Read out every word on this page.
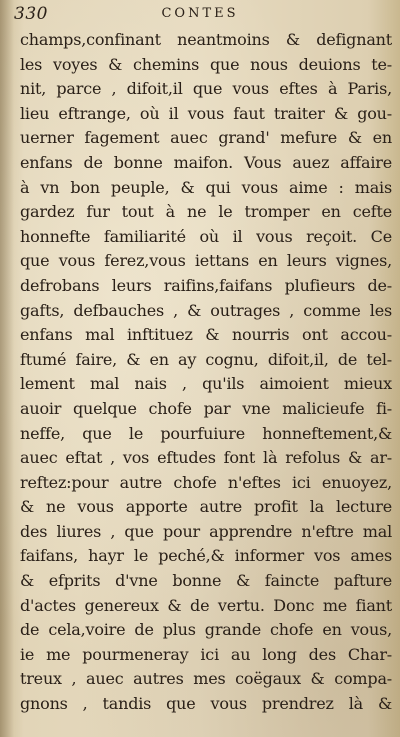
330	CONTES
champs,confinant neantmoins & defignant
les voyes & chemins que nous deuions te-
nit, parce , difoit,il que vous eftes à Paris,
lieu eftrange, où il vous faut traiter & gou-
uerner fagement auec grand' mefure & en
enfans de bonne maifon. Vous auez affaire
à vn bon peuple, & qui vous aime : mais
gardez fur tout à ne le tromper en cefte
honnefte familiarité où il vous reçoit. Ce
que vous ferez,vous iettans en leurs vignes,
defrobans leurs raifins,faifans plufieurs de-
gafts, defbauches , & outrages , comme les
enfans mal inftituez & nourris ont accou-
ftumé faire, & en ay cognu, difoit,il, de tel-
lement mal nais , qu'ils aimoient mieux
auoir quelque chofe par vne malicieufe fi-
neffe, que le pourfuiure honneftement,&
auec eftat , vos eftudes font là refolus & ar-
reftez:pour autre chofe n'eftes ici enuoyez,
& ne vous apporte autre profit la lecture
des liures , que pour apprendre n'eftre mal
faifans, hayr le peché,& informer vos ames
& efprits d'vne bonne & faincte pafture
d'actes genereux & de vertu. Donc me fiant
de cela,voire de plus grande chofe en vous,
ie me pourmeneray ici au long des Char-
treux , auec autres mes coëgaux & compa-
gnons , tandis que vous prendrez là &
